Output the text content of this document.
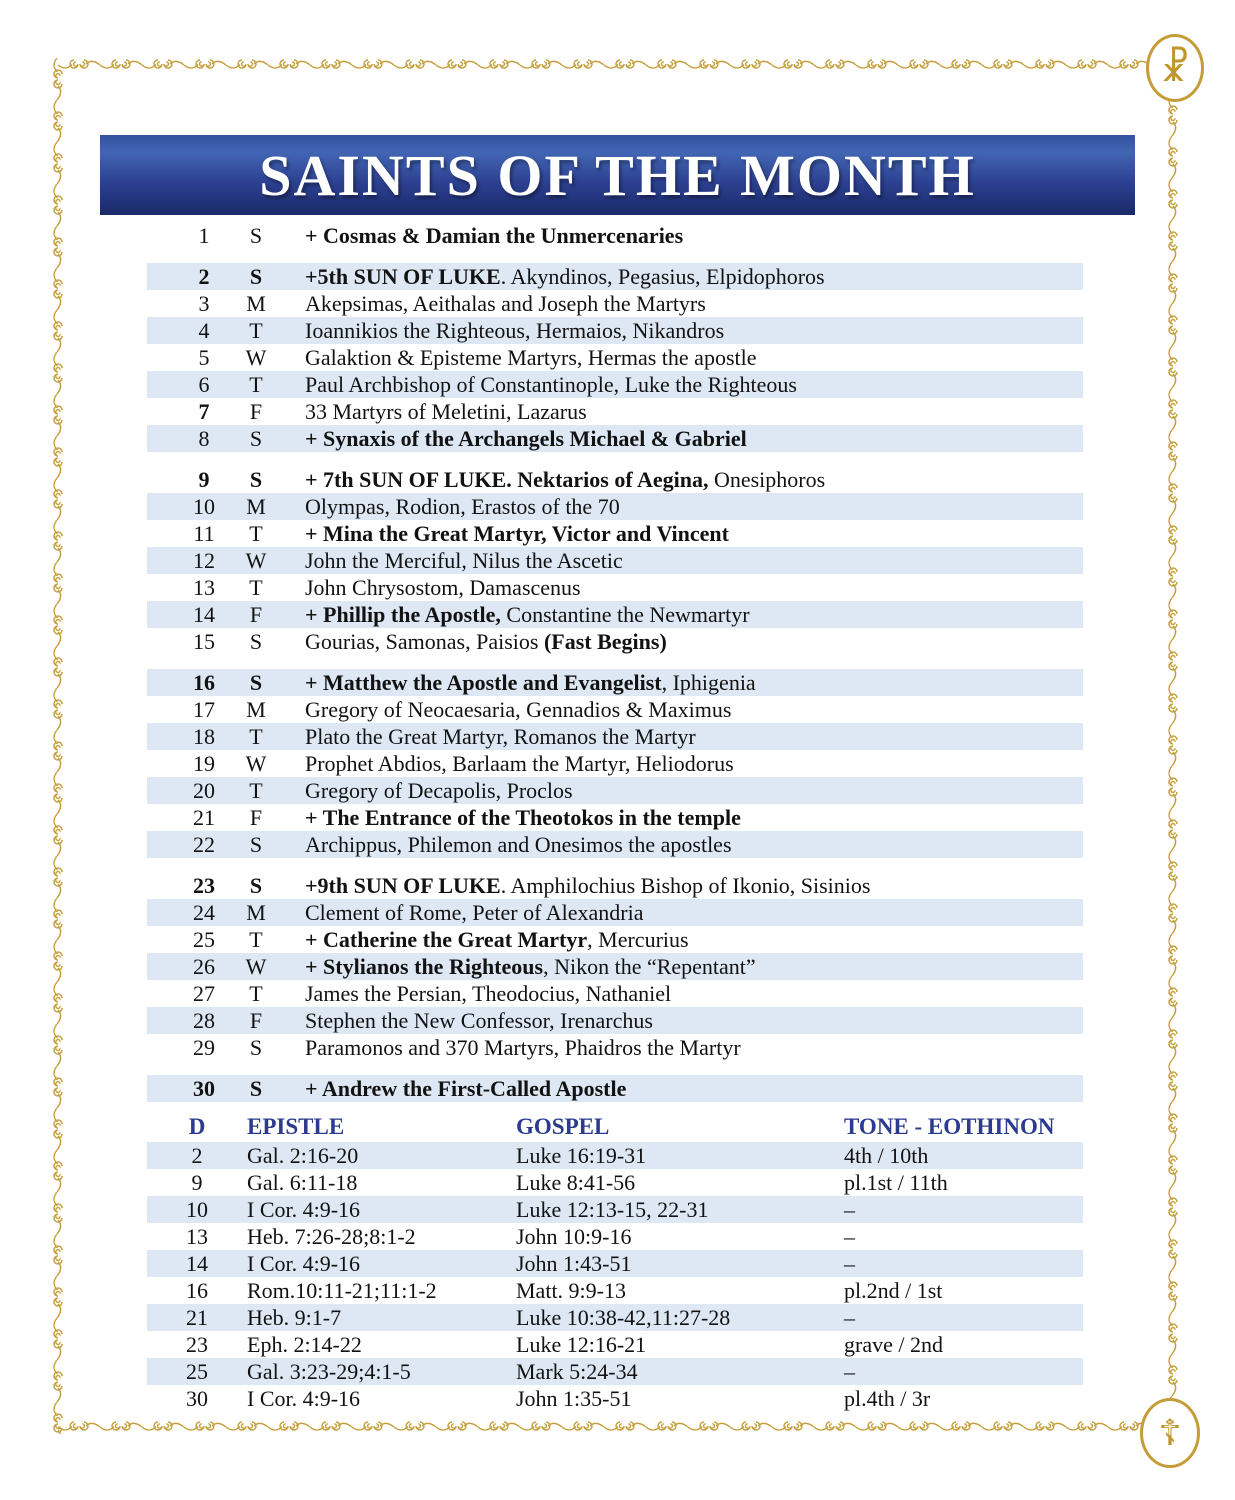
☧
☦
SAINTS OF THE MONTH
1	S	+ Cosmas & Damian the Unmercenaries
2	S	+5th SUN OF LUKE. Akyndinos, Pegasius, Elpidophoros
3	M	Akepsimas, Aeithalas and Joseph the Martyrs
4	T	Ioannikios the Righteous, Hermaios, Nikandros
5	W	Galaktion & Episteme Martyrs, Hermas the apostle
6	T	Paul Archbishop of Constantinople, Luke the Righteous
7	F	33 Martyrs of Meletini, Lazarus
8	S	+ Synaxis of the Archangels Michael & Gabriel
9	S	+ 7th SUN OF LUKE. Nektarios of Aegina, Onesiphoros
10	M	Olympas, Rodion, Erastos of the 70
11	T	+ Mina the Great Martyr, Victor and Vincent
12	W	John the Merciful, Nilus the Ascetic
13	T	John Chrysostom, Damascenus
14	F	+ Phillip the Apostle, Constantine the Newmartyr
15	S	Gourias, Samonas, Paisios (Fast Begins)
16	S	+ Matthew the Apostle and Evangelist, Iphigenia
17	M	Gregory of Neocaesaria, Gennadios & Maximus
18	T	Plato the Great Martyr, Romanos the Martyr
19	W	Prophet Abdios, Barlaam the Martyr, Heliodorus
20	T	Gregory of Decapolis, Proclos
21	F	+ The Entrance of the Theotokos in the temple
22	S	Archippus, Philemon and Onesimos the apostles
23	S	+9th SUN OF LUKE. Amphilochius Bishop of Ikonio, Sisinios
24	M	Clement of Rome, Peter of Alexandria
25	T	+ Catherine the Great Martyr, Mercurius
26	W	+ Stylianos the Righteous, Nikon the “Repentant”
27	T	James the Persian, Theodocius, Nathaniel
28	F	Stephen the New Confessor, Irenarchus
29	S	Paramonos and 370 Martyrs, Phaidros the Martyr
30	S	+ Andrew the First-Called Apostle
D	EPISTLE	GOSPEL	TONE - EOTHINON
2	Gal. 2:16-20	Luke 16:19-31	4th / 10th
9	Gal. 6:11-18	Luke 8:41-56	pl.1st / 11th
10	I Cor. 4:9-16	Luke 12:13-15, 22-31	–
13	Heb. 7:26-28;8:1-2	John 10:9-16	–
14	I Cor. 4:9-16	John 1:43-51	–
16	Rom.10:11-21;11:1-2	Matt. 9:9-13	pl.2nd / 1st
21	Heb. 9:1-7	Luke 10:38-42,11:27-28	–
23	Eph. 2:14-22	Luke 12:16-21	grave / 2nd
25	Gal. 3:23-29;4:1-5	Mark 5:24-34	–
30	I Cor. 4:9-16	John 1:35-51	pl.4th / 3r
